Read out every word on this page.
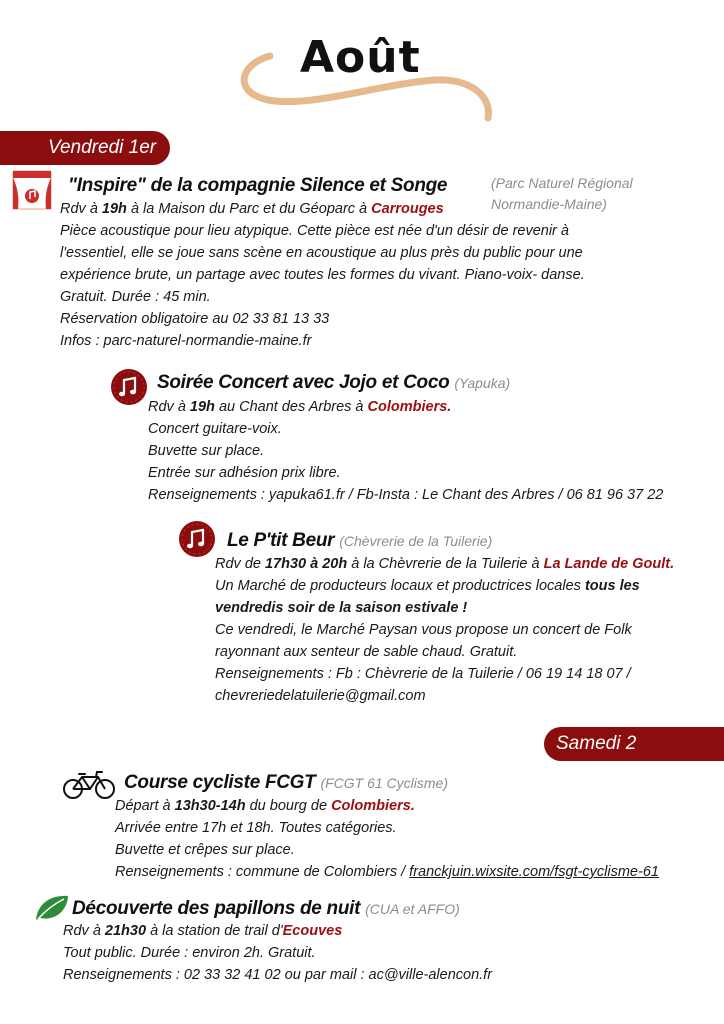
Août
Vendredi 1er
"Inspire" de la compagnie Silence et Songe	(Parc Naturel Régional
Normandie-Maine)
Rdv à 19h à la Maison du Parc et du Géoparc à Carrouges
Pièce acoustique pour lieu atypique. Cette pièce est née d'un désir de revenir à
l'essentiel, elle se joue sans scène en acoustique au plus près du public pour une
expérience brute, un partage avec toutes les formes du vivant. Piano-voix- danse.
Gratuit. Durée : 45 min.
Réservation obligatoire au 02 33 81 13 33
Infos : parc-naturel-normandie-maine.fr
Soirée Concert avec Jojo et Coco (Yapuka)
Rdv à 19h au Chant des Arbres à Colombiers.
Concert guitare-voix.
Buvette sur place.
Entrée sur adhésion prix libre.
Renseignements : yapuka61.fr / Fb-Insta : Le Chant des Arbres / 06 81 96 37 22
Le P'tit Beur (Chèvrerie de la Tuilerie)
Rdv de 17h30 à 20h à la Chèvrerie de la Tuilerie à La Lande de Goult.
Un Marché de producteurs locaux et productrices locales tous les
vendredis soir de la saison estivale !
Ce vendredi, le Marché Paysan vous propose un concert de Folk
rayonnant aux senteur de sable chaud. Gratuit.
Renseignements : Fb : Chèvrerie de la Tuilerie / 06 19 14 18 07 /
chevreriedelatuilerie@gmail.com
Samedi 2
Course cycliste FCGT (FCGT 61 Cyclisme)
Départ à 13h30-14h du bourg de Colombiers.
Arrivée entre 17h et 18h. Toutes catégories.
Buvette et crêpes sur place.
Renseignements : commune de Colombiers / franckjuin.wixsite.com/fsgt-cyclisme-61
Découverte des papillons de nuit (CUA et AFFO)
Rdv à 21h30 à la station de trail d'Ecouves
Tout public. Durée : environ 2h. Gratuit.
Renseignements : 02 33 32 41 02 ou par mail : ac@ville-alencon.fr
